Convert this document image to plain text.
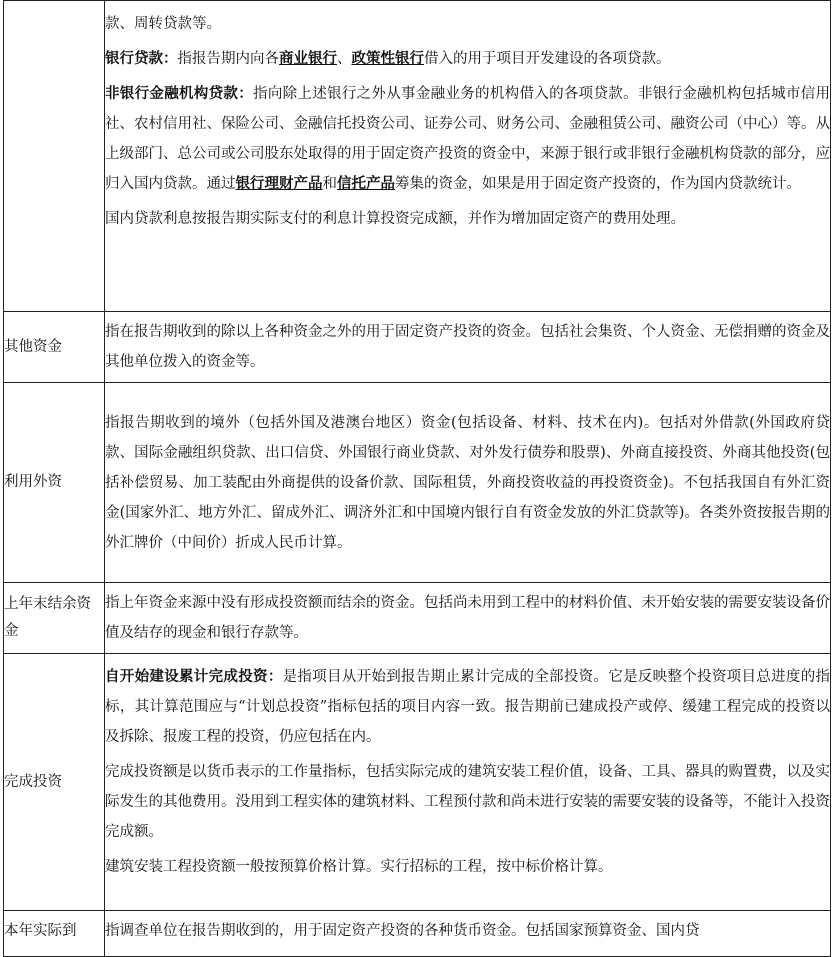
	款、周转贷款等。

银行贷款：指报告期内向各商业银行、政策性银行借入的用于项目开发建设的各项贷款。

非银行金融机构贷款：指向除上述银行之外从事金融业务的机构借入的各项贷款。非银行金融机构包括城市信用社、农村信用社、保险公司、金融信托投资公司、证券公司、财务公司、金融租赁公司、融资公司（中心）等。从上级部门、总公司或公司股东处取得的用于固定资产投资的资金中，来源于银行或非银行金融机构贷款的部分，应归入国内贷款。通过银行理财产品和信托产品筹集的资金，如果是用于固定资产投资的，作为国内贷款统计。

国内贷款利息按报告期实际支付的利息计算投资完成额，并作为增加固定资产的费用处理。

其他资金	指在报告期收到的除以上各种资金之外的用于固定资产投资的资金。包括社会集资、个人资金、无偿捐赠的资金及其他单位拨入的资金等。

利用外资	指报告期收到的境外（包括外国及港澳台地区）资金(包括设备、材料、技术在内)。包括对外借款(外国政府贷款、国际金融组织贷款、出口信贷、外国银行商业贷款、对外发行债券和股票)、外商直接投资、外商其他投资(包括补偿贸易、加工装配由外商提供的设备价款、国际租赁，外商投资收益的再投资资金)。不包括我国自有外汇资金(国家外汇、地方外汇、留成外汇、调济外汇和中国境内银行自有资金发放的外汇贷款等)。各类外资按报告期的外汇牌价（中间价）折成人民币计算。

上年末结余资金	指上年资金来源中没有形成投资额而结余的资金。包括尚未用到工程中的材料价值、未开始安装的需要安装设备价值及结存的现金和银行存款等。

完成投资	自开始建设累计完成投资：是指项目从开始到报告期止累计完成的全部投资。它是反映整个投资项目总进度的指标，其计算范围应与“计划总投资”指标包括的项目内容一致。报告期前已建成投产或停、缓建工程完成的投资以及拆除、报废工程的投资，仍应包括在内。

完成投资额是以货币表示的工作量指标，包括实际完成的建筑安装工程价值，设备、工具、器具的购置费，以及实际发生的其他费用。没用到工程实体的建筑材料、工程预付款和尚未进行安装的需要安装的设备等，不能计入投资完成额。

建筑安装工程投资额一般按预算价格计算。实行招标的工程，按中标价格计算。

本年实际到	指调查单位在报告期收到的，用于固定资产投资的各种货币资金。包括国家预算资金、国内贷
